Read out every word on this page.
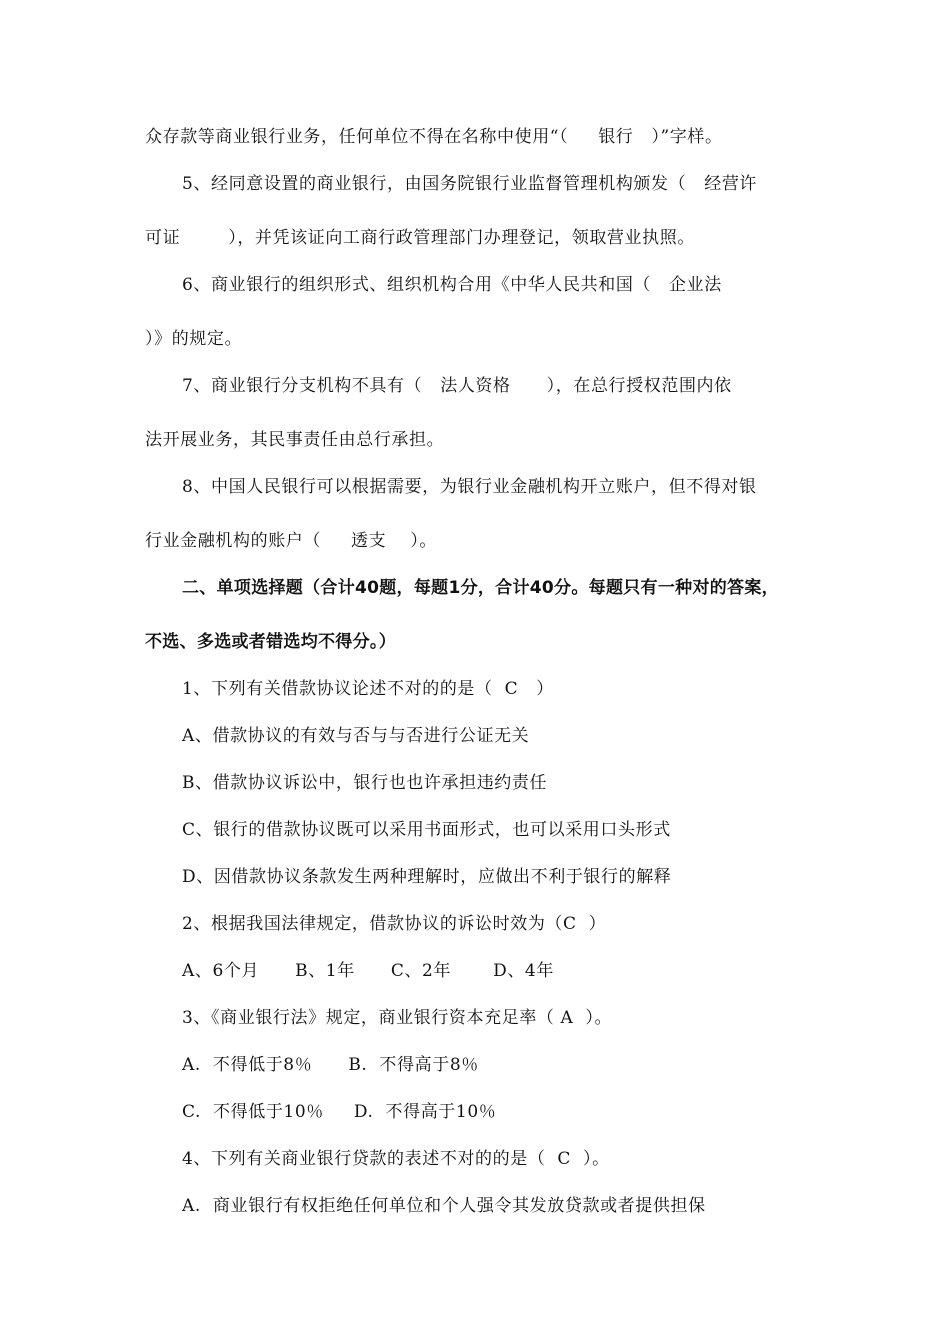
众存款等商业银行业务，任何单位不得在名称中使用“（     银行   ）”字样。
5、经同意设置的商业银行，由国务院银行业监督管理机构颁发（   经营许
可证        ），并凭该证向工商行政管理部门办理登记，领取营业执照。
6、商业银行的组织形式、组织机构合用《中华人民共和国（   企业法
）》的规定。
7、商业银行分支机构不具有（   法人资格      ），在总行授权范围内依
法开展业务，其民事责任由总行承担。
8、中国人民银行可以根据需要，为银行业金融机构开立账户，但不得对银
行业金融机构的账户（     透支    ）。
二、单项选择题（合计40题，每题1分，合计40分。每题只有一种对的答案，
不选、多选或者错选均不得分。）
1、下列有关借款协议论述不对的的是（  C   ）
A、借款协议的有效与否与与否进行公证无关
B、借款协议诉讼中，银行也也许承担违约责任
C、银行的借款协议既可以采用书面形式，也可以采用口头形式
D、因借款协议条款发生两种理解时，应做出不利于银行的解释
2、根据我国法律规定，借款协议的诉讼时效为（C  ）
A、6个月      B、1年      C、2年       D、4年
3、《商业银行法》规定，商业银行资本充足率（ A  ）。
A.  不得低于8％      B.  不得高于8％
C.  不得低于10％     D.  不得高于10％
4、下列有关商业银行贷款的表述不对的的是（  C  ）。
A.  商业银行有权拒绝任何单位和个人强令其发放贷款或者提供担保
